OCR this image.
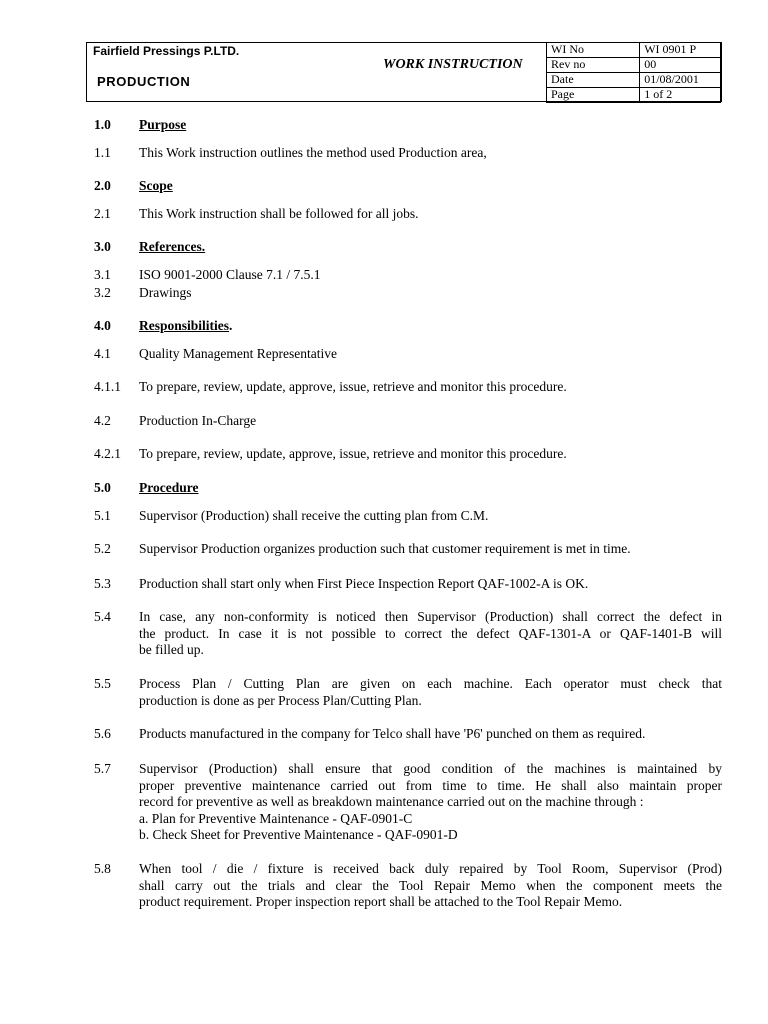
Fairfield Pressings P.LTD.
PRODUCTION
WORK INSTRUCTION
WI No	WI 0901 P
Rev no	00
Date	01/08/2001
Page	1 of 2
1.0 Purpose
1.1 This Work instruction outlines the method used Production area,
2.0 Scope
2.1 This Work instruction shall be followed for all jobs.
3.0 References.
3.1 ISO 9001-2000 Clause 7.1 / 7.5.1
3.2 Drawings
4.0 Responsibilities.
4.1 Quality Management Representative
4.1.1 To prepare, review, update, approve, issue, retrieve and monitor this procedure.
4.2 Production In-Charge
4.2.1 To prepare, review, update, approve, issue, retrieve and monitor this procedure.
5.0 Procedure
5.1 Supervisor (Production) shall receive the cutting plan from C.M.
5.2 Supervisor Production organizes production such that customer requirement is met in time.
5.3 Production shall start only when First Piece Inspection Report QAF-1002-A is OK.
5.4 In case, any non-conformity is noticed then Supervisor (Production) shall correct the defect in
the product. In case it is not possible to correct the defect QAF-1301-A or QAF-1401-B will
be filled up.
5.5 Process Plan / Cutting Plan are given on each machine. Each operator must check that
production is done as per Process Plan/Cutting Plan.
5.6 Products manufactured in the company for Telco shall have 'P6' punched on them as required.
5.7 Supervisor (Production) shall ensure that good condition of the machines is maintained by
proper preventive maintenance carried out from time to time. He shall also maintain proper
record for preventive as well as breakdown maintenance carried out on the machine through :
a. Plan for Preventive Maintenance - QAF-0901-C
b. Check Sheet for Preventive Maintenance - QAF-0901-D
5.8 When tool / die / fixture is received back duly repaired by Tool Room, Supervisor (Prod)
shall carry out the trials and clear the Tool Repair Memo when the component meets the
product requirement. Proper inspection report shall be attached to the Tool Repair Memo.
